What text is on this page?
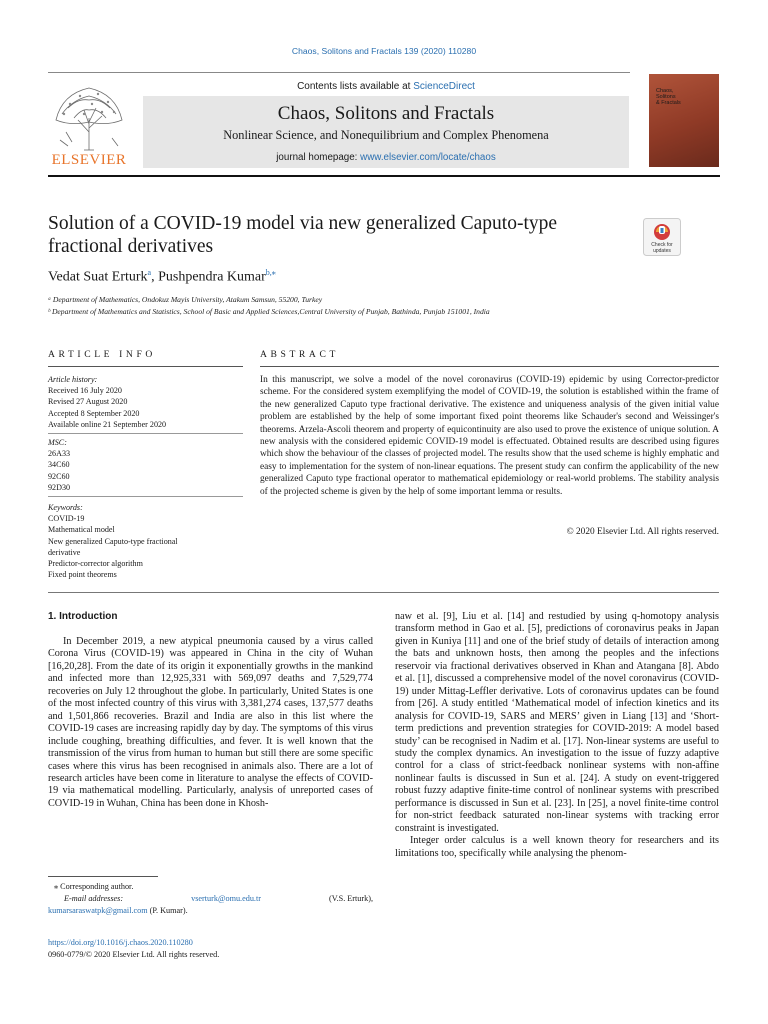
Chaos, Solitons and Fractals 139 (2020) 110280
ELSEVIER
Contents lists available at ScienceDirect
Chaos, Solitons and Fractals
Nonlinear Science, and Nonequilibrium and Complex Phenomena
journal homepage: www.elsevier.com/locate/chaos
Chaos,
Solitons
& Fractals
Solution of a COVID-19 model via new generalized Caputo-type fractional derivatives	Check for
updates
Vedat Suat Erturk$^a$, Pushpendra Kumar$^{b,⁎}$
ᵃ Department of Mathematics, Ondokuz Mayis University, Atakum Samsun, 55200, Turkey
ᵇ Department of Mathematics and Statistics, School of Basic and Applied Sciences,Central University of Punjab, Bathinda, Punjab 151001, India
ARTICLE INFO	ABSTRACT
Article history:
Received 16 July 2020
Revised 27 August 2020
Accepted 8 September 2020
Available online 21 September 2020
MSC:
26A33
34C60
92C60
92D30
Keywords:
COVID-19
Mathematical model
New generalized Caputo-type fractional
derivative
Predictor-corrector algorithm
Fixed point theorems
In this manuscript, we solve a model of the novel coronavirus (COVID-19) epidemic by using Corrector-predictor scheme. For the considered system exemplifying the model of COVID-19, the solution is established within the frame of the new generalized Caputo type fractional derivative. The existence and uniqueness analysis of the given initial value problem are established by the help of some important fixed point theorems like Schauder's second and Weissinger's theorems. Arzela-Ascoli theorem and property of equicontinuity are also used to prove the existence of unique solution. A new analysis with the considered epidemic COVID-19 model is effectuated. Obtained results are described using figures which show the behaviour of the classes of projected model. The results show that the used scheme is highly emphatic and easy to implementation for the system of non-linear equations. The present study can confirm the applicability of the new generalized Caputo type fractional operator to mathematical epidemiology or real-world problems. The stability analysis of the projected scheme is given by the help of some important lemma or results.
© 2020 Elsevier Ltd. All rights reserved.
1. Introduction

In December 2019, a new atypical pneumonia caused by a virus called Corona Virus (COVID-19) was appeared in China in the city of Wuhan [16,20,28]. From the date of its origin it exponentially growths in the mankind and infected more than 12,925,331 with 569,097 deaths and 7,529,774 recoveries on July 12 throughout the globe. In particularly, United States is one of the most infected country of this virus with 3,381,274 cases, 137,577 deaths and 1,501,866 recoveries. Brazil and India are also in this list where the COVID-19 cases are increasing rapidly day by day. The symptoms of this virus include coughing, breathing difficulties, and fever. It is well known that the transmission of the virus from human to human but still there are some specific cases where this virus has been recognised in animals also. There are a lot of research articles have been come in literature to analyse the effects of COVID-19 via mathematical modelling. Particularly, analysis of unreported cases of COVID-19 in Wuhan, China has been done in Khosh-

naw et al. [9], Liu et al. [14] and restudied by using q-homotopy analysis transform method in Gao et al. [5], predictions of coronavirus peaks in Japan given in Kuniya [11] and one of the brief study of details of interaction among the bats and unknown hosts, then among the peoples and the infections reservoir via fractional derivatives observed in Khan and Atangana [8]. Abdo et al. [1], discussed a comprehensive model of the novel coronavirus (COVID-19) under Mittag-Leffler derivative. Lots of coronavirus updates can be found from [26]. A study entitled ‘Mathematical model of infection kinetics and its analysis for COVID-19, SARS and MERS’ given in Liang [13] and ‘Short-term predictions and prevention strategies for COVID-2019: A model based study’ can be recognised in Nadim et al. [17]. Non-linear systems are useful to study the complex dynamics. An investigation to the issue of fuzzy adaptive control for a class of strict-feedback nonlinear systems with non-affine nonlinear faults is discussed in Sun et al. [24]. A study on event-triggered robust fuzzy adaptive finite-time control of nonlinear systems with prescribed performance is discussed in Sun et al. [23]. In [25], a novel finite-time control for non-strict feedback saturated non-linear systems with tracking error constraint is investigated.

Integer order calculus is a well known theory for researchers and its limitations too, specifically while analysing the phenom-

⁎ Corresponding author.
E-mail addresses:	vserturk@omu.edu.tr	(V.S. Erturk),
kumarsaraswatpk@gmail.com (P. Kumar).
https://doi.org/10.1016/j.chaos.2020.110280
0960-0779/© 2020 Elsevier Ltd. All rights reserved.
